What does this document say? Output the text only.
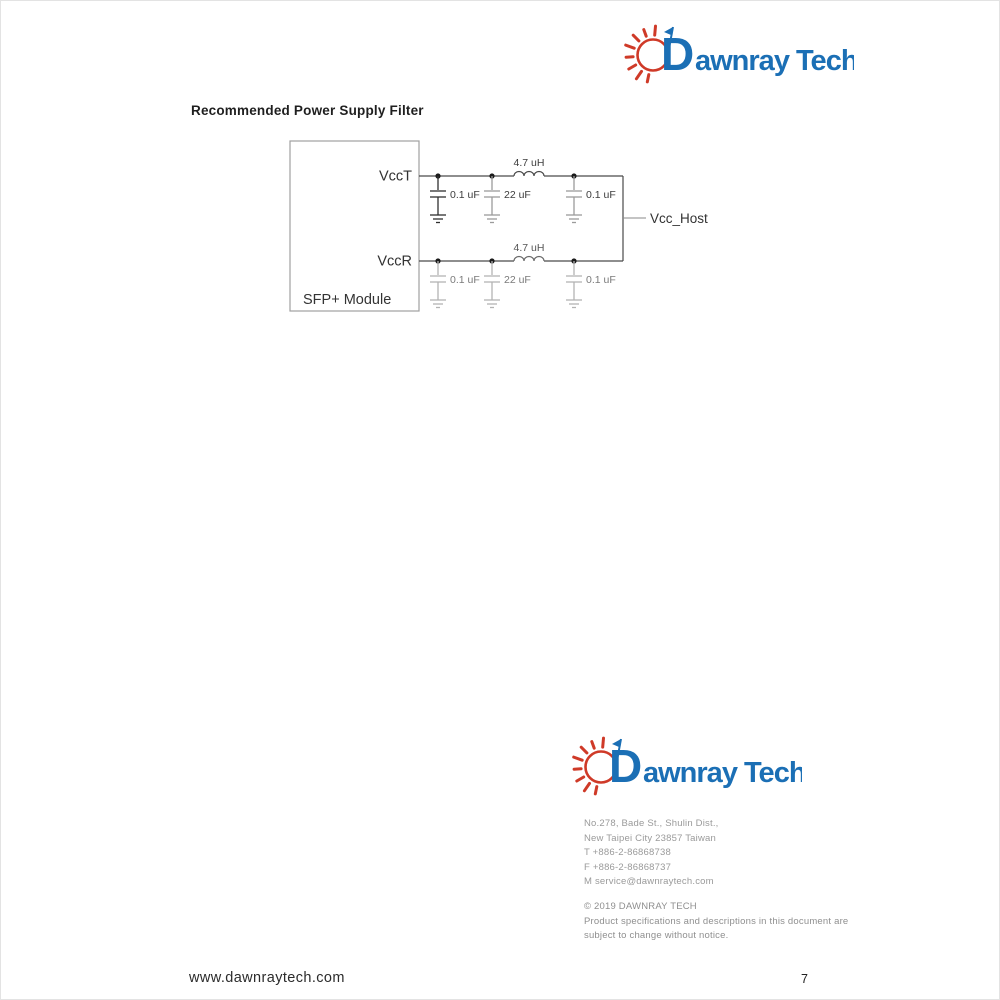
D awnray Tech
Recommended Power Supply Filter
VccT
VccR
SFP+ Module
4.7 uH
4.7 uH
Vcc_Host
0.1 uF 22 uF	0.1 uF
0.1 uF 22 uF	0.1 uF
D awnray Tech
No.278, Bade St., Shulin Dist.,
New Taipei City 23857 Taiwan
T +886-2-86868738
F +886-2-86868737
M service@dawnraytech.com
© 2019 DAWNRAY TECH
Product specifications and descriptions in this document are
subject to change without notice.
www.dawnraytech.com	7
